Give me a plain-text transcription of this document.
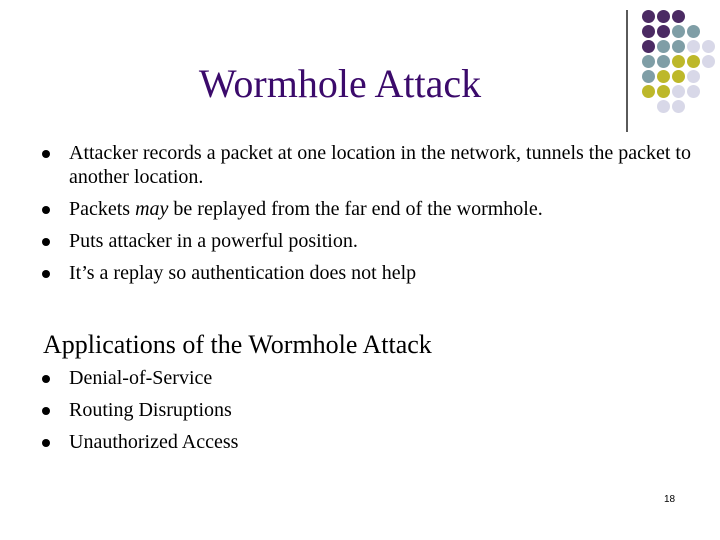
Wormhole Attack
Attacker records a packet at one location in the network, tunnels the packet to another location.
Packets may be replayed from the far end of the wormhole.
Puts attacker in a powerful position.
It’s a replay so authentication does not help
Applications of the Wormhole Attack
Denial-of-Service
Routing Disruptions
Unauthorized Access
18
